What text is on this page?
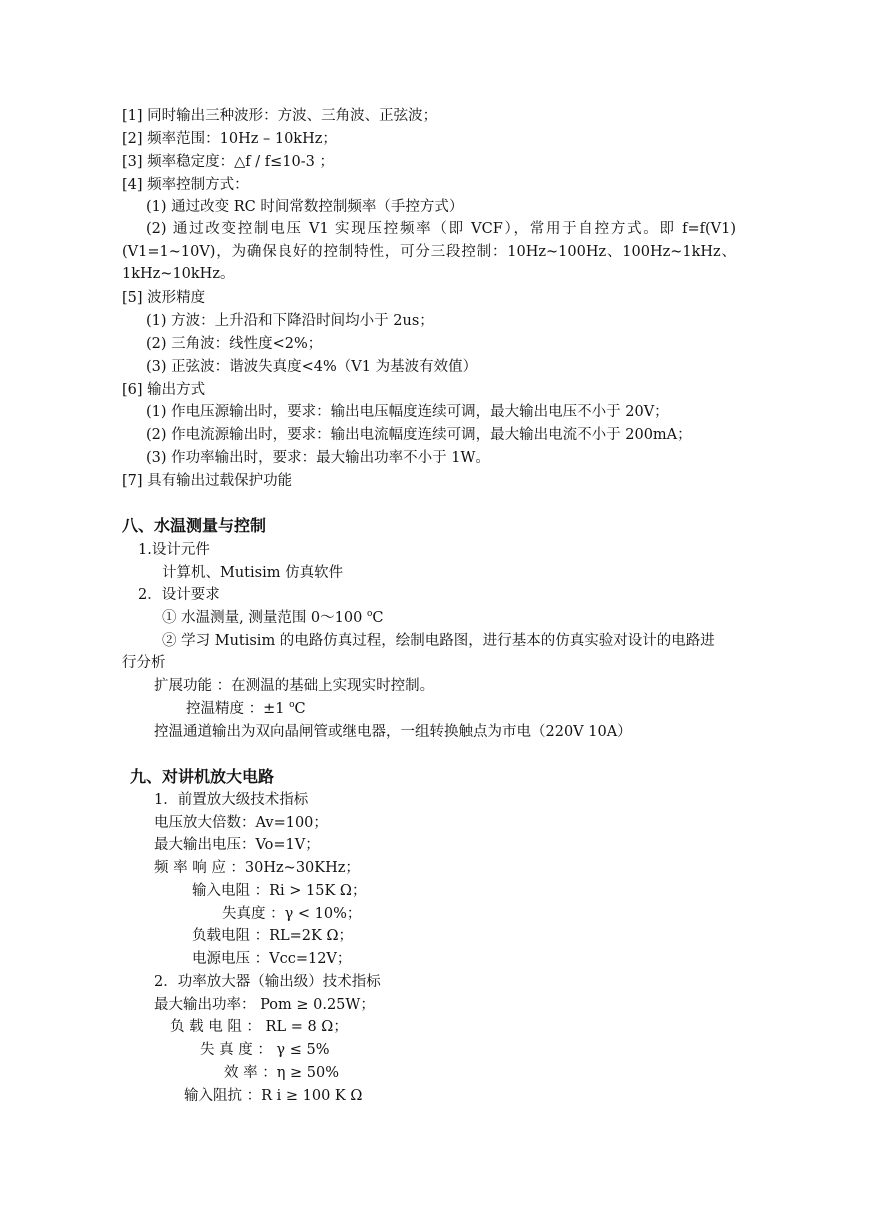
[1] 同时输出三种波形：方波、三角波、正弦波；
[2] 频率范围：10Hz – 10kHz；
[3] 频率稳定度：△f / f≤10-3 ；
[4] 频率控制方式：
(1) 通过改变 RC 时间常数控制频率（手控方式）
(2) 通过改变控制电压 V1 实现压控频率（即 VCF），常用于自控方式。即 f=f(V1)(V1=1~10V)，为确保良好的控制特性，可分三段控制：10Hz~100Hz、100Hz~1kHz、1kHz~10kHz。
[5] 波形精度
(1) 方波：上升沿和下降沿时间均小于 2us；
(2) 三角波：线性度<2%；
(3) 正弦波：谐波失真度<4%（V1 为基波有效值）
[6] 输出方式
(1) 作电压源输出时，要求：输出电压幅度连续可调，最大输出电压不小于 20V；
(2) 作电流源输出时，要求：输出电流幅度连续可调，最大输出电流不小于 200mA；
(3) 作功率输出时，要求：最大输出功率不小于 1W。
[7] 具有输出过载保护功能
八、水温测量与控制
1.设计元件
计算机、Mutisim 仿真软件
2．设计要求
① 水温测量, 测量范围 0～100 $^o$C
② 学习 Mutisim 的电路仿真过程，绘制电路图，进行基本的仿真实验对设计的电路进
行分析
扩展功能 ：在测温的基础上实现实时控制。
控温精度 ：±1 $^o$C
控温通道输出为双向晶闸管或继电器，一组转换触点为市电（220V 10A）
九、对讲机放大电路
1．前置放大级技术指标
电压放大倍数：Av=100；
最大输出电压：Vo=1V；
频 率 响 应 ：30Hz~30KHz；
输入电阻 ：Ri > 15K Ω；
失真度 ：γ < 10%；
负载电阻 ：RL=2K Ω；
电源电压 ：Vcc=12V；
2．功率放大器（输出级）技术指标
最大输出功率： Pom ≥ 0.25W；
负 载 电 阻 ： RL = 8 Ω；
失 真 度 ： γ ≤ 5%
效 率 ：η ≥ 50%
输入阻抗 ：R i ≥ 100 K Ω
